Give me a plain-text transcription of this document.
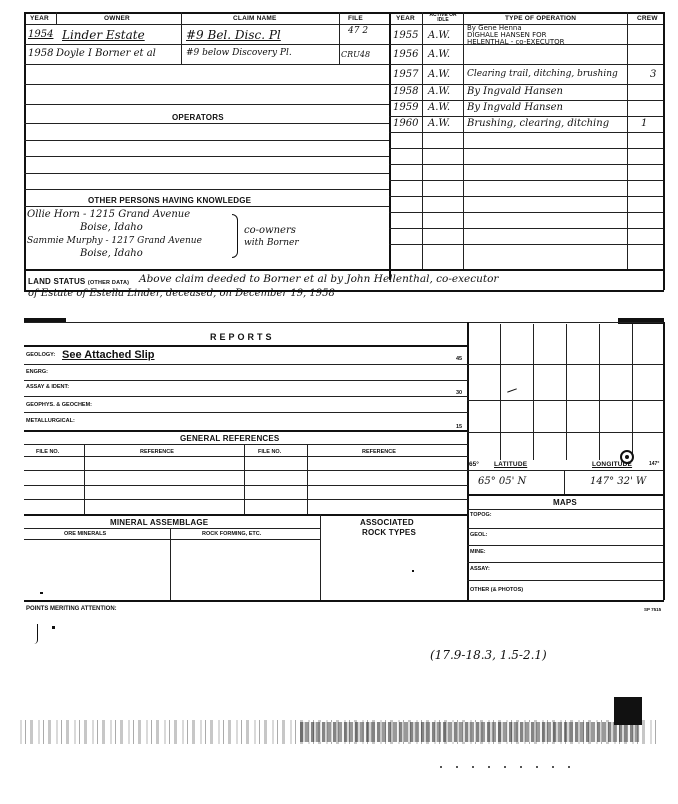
YEAR	OWNER	CLAIM NAME	FILE	YEAR	ACTIVE OR IDLE	TYPE OF OPERATION	CREW
1954 Linder Estate	#9 Bel. Disc. Pl	47 2
1958 Doyle I Borner et al	#9 below Discovery Pl.	CRU48
OPERATORS
OTHER PERSONS HAVING KNOWLEDGE
Ollie Horn - 1215 Grand Avenue
Boise, Idaho
Sammie Murphy - 1217 Grand Avenue
Boise, Idaho
co-owners
with Borner
1955 A.W.
By Gene Henna
DIGHALE HANSEN FOR
HELENTHAL - co-EXECUTOR
1956 A.W.
1957 A.W. Clearing trail, ditching, brushing	3
1958 A.W. By Ingvald Hansen
1959 A.W. By Ingvald Hansen
1960 A.W. Brushing, clearing, ditching	1
LAND STATUS (OTHER DATA) Above claim deeded to Borner et al by John Hellenthal, co-executor
of Estate of Estella Linder, deceased, on December 19, 1958
REPORTS
GEOLOGY: See Attached Slip	45
ENGRG:
ASSAY & IDENT:
30
GEOPHYS. & GEOCHEM:
METALLURGICAL:
15
GENERAL REFERENCES
FILE NO.	REFERENCE	FILE NO.	REFERENCE
MINERAL ASSEMBLAGE	ASSOCIATED
ROCK TYPES
ORE MINERALS	ROCK FORMING, ETC.
65° LATITUDE	LONGITUDE	147°
65° 05' N	147° 32' W
MAPS
TOPOG:
GEOL:
MINE:
ASSAY:
OTHER (& PHOTOS)
POINTS MERITING ATTENTION:	SP 7515
(17.9-18.3, 1.5-2.1)
